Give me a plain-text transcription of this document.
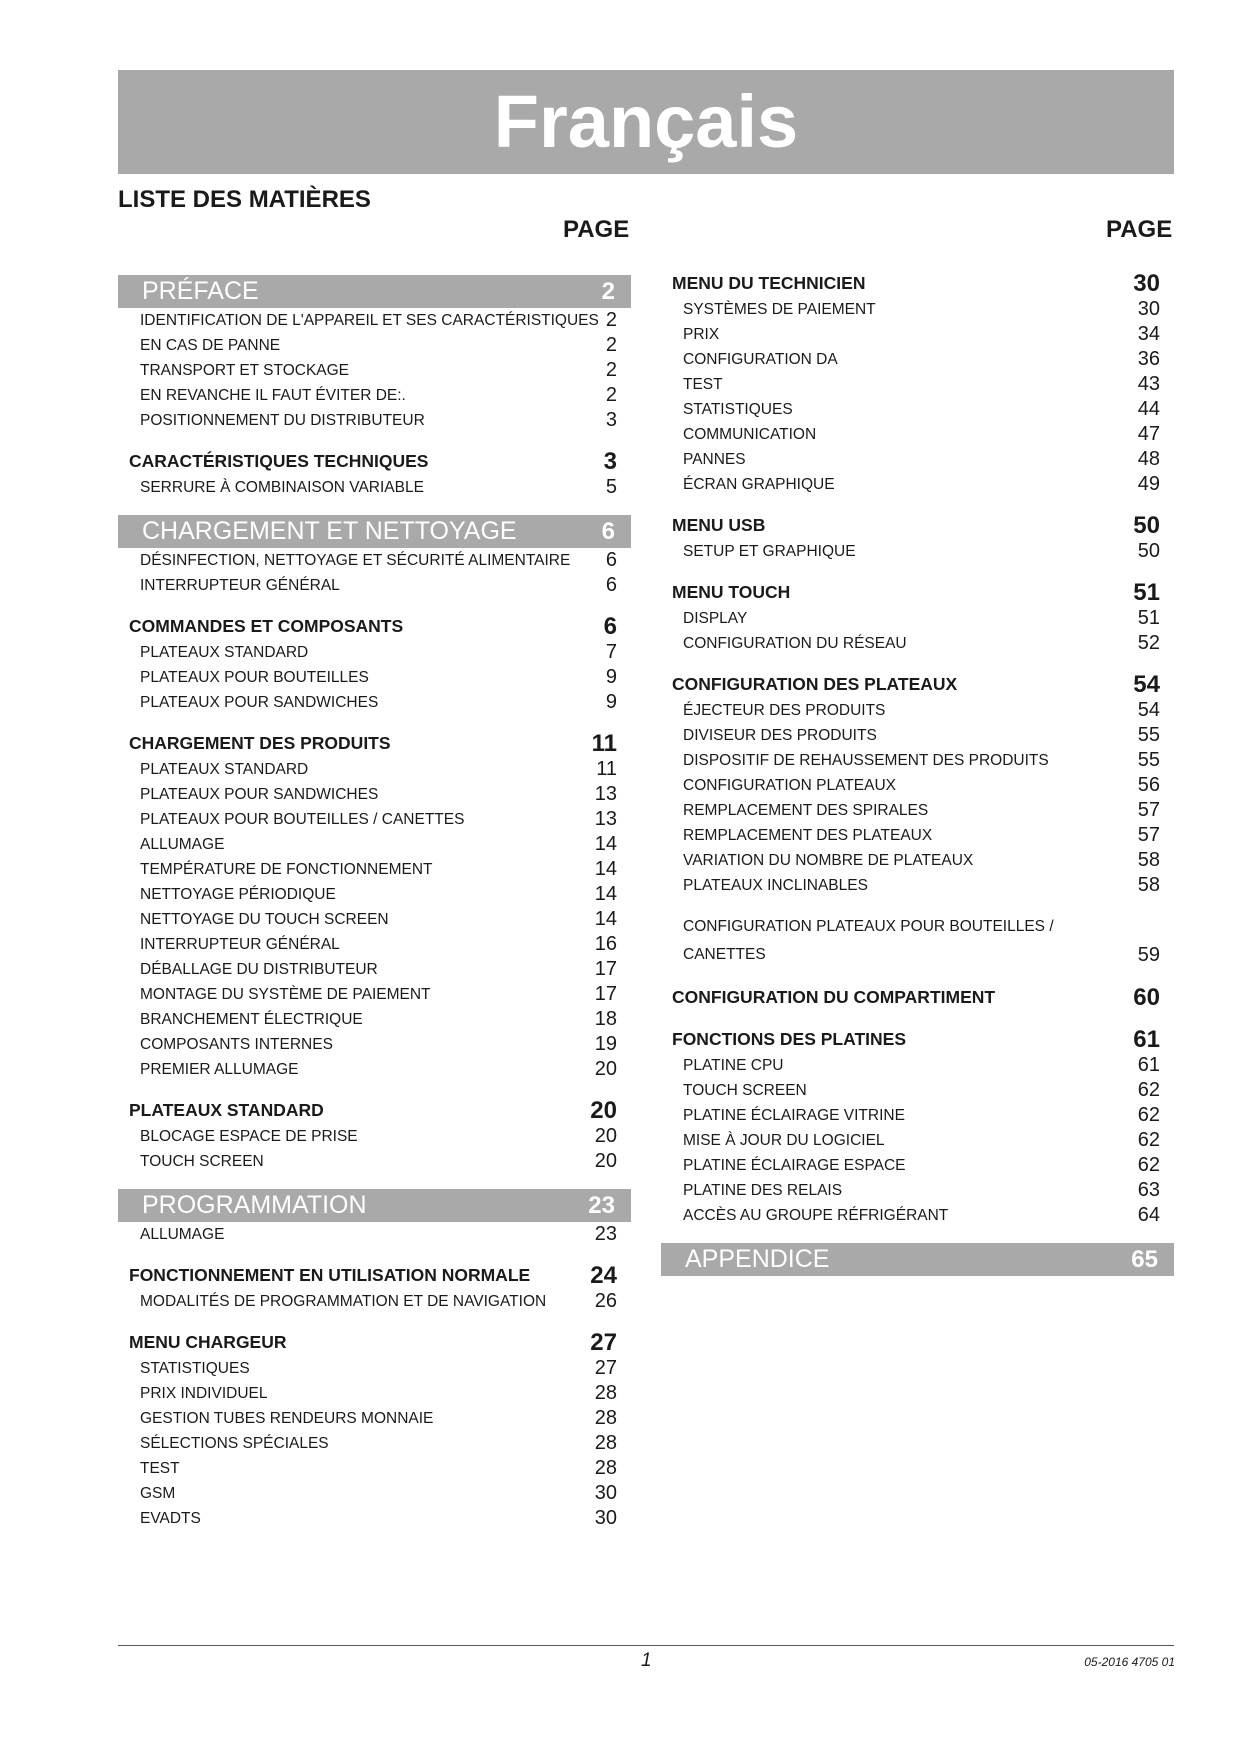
Français
LISTE DES MATIÈRES
PAGE	PAGE
PRÉFACE	2
IDENTIFICATION DE L'APPAREIL ET SES CARACTÉRISTIQUES 2
EN CAS DE PANNE	2
TRANSPORT ET STOCKAGE	2
EN REVANCHE IL FAUT ÉVITER DE:.	2
POSITIONNEMENT DU DISTRIBUTEUR	3
CARACTÉRISTIQUES TECHNIQUES	3
SERRURE À COMBINAISON VARIABLE	5
CHARGEMENT ET NETTOYAGE	6
DÉSINFECTION, NETTOYAGE ET SÉCURITÉ ALIMENTAIRE 6
INTERRUPTEUR GÉNÉRAL	6
COMMANDES ET COMPOSANTS	6
PLATEAUX STANDARD	7
PLATEAUX POUR BOUTEILLES	9
PLATEAUX POUR SANDWICHES	9
CHARGEMENT DES PRODUITS	11
PLATEAUX STANDARD	11
PLATEAUX POUR SANDWICHES	13
PLATEAUX POUR BOUTEILLES / CANETTES	13
ALLUMAGE	14
TEMPÉRATURE DE FONCTIONNEMENT	14
NETTOYAGE PÉRIODIQUE	14
NETTOYAGE DU TOUCH SCREEN	14
INTERRUPTEUR GÉNÉRAL	16
DÉBALLAGE DU DISTRIBUTEUR	17
MONTAGE DU SYSTÈME DE PAIEMENT	17
BRANCHEMENT ÉLECTRIQUE	18
COMPOSANTS INTERNES	19
PREMIER ALLUMAGE	20
PLATEAUX STANDARD	20
BLOCAGE ESPACE DE PRISE	20
TOUCH SCREEN	20
PROGRAMMATION	23
ALLUMAGE	23
FONCTIONNEMENT EN UTILISATION NORMALE	24
MODALITÉS DE PROGRAMMATION ET DE NAVIGATION 26
MENU CHARGEUR	27
STATISTIQUES	27
PRIX INDIVIDUEL	28
GESTION TUBES RENDEURS MONNAIE	28
SÉLECTIONS SPÉCIALES	28
TEST	28
GSM	30
EVADTS	30
MENU DU TECHNICIEN	30
SYSTÈMES DE PAIEMENT	30
PRIX	34
CONFIGURATION DA	36
TEST	43
STATISTIQUES	44
COMMUNICATION	47
PANNES	48
ÉCRAN GRAPHIQUE	49
MENU USB	50
SETUP ET GRAPHIQUE	50
MENU TOUCH	51
DISPLAY	51
CONFIGURATION DU RÉSEAU	52
CONFIGURATION DES PLATEAUX	54
ÉJECTEUR DES PRODUITS	54
DIVISEUR DES PRODUITS	55
DISPOSITIF DE REHAUSSEMENT DES PRODUITS	55
CONFIGURATION PLATEAUX	56
REMPLACEMENT DES SPIRALES	57
REMPLACEMENT DES PLATEAUX	57
VARIATION DU NOMBRE DE PLATEAUX	58
PLATEAUX INCLINABLES	58
CONFIGURATION PLATEAUX POUR BOUTEILLES / CANETTES	59
CONFIGURATION DU COMPARTIMENT	60
FONCTIONS DES PLATINES	61
PLATINE CPU	61
TOUCH SCREEN	62
PLATINE ÉCLAIRAGE VITRINE	62
MISE À JOUR DU LOGICIEL	62
PLATINE ÉCLAIRAGE ESPACE	62
PLATINE DES RELAIS	63
ACCÈS AU GROUPE RÉFRIGÉRANT	64
APPENDICE	65
1	05-2016 4705 01
